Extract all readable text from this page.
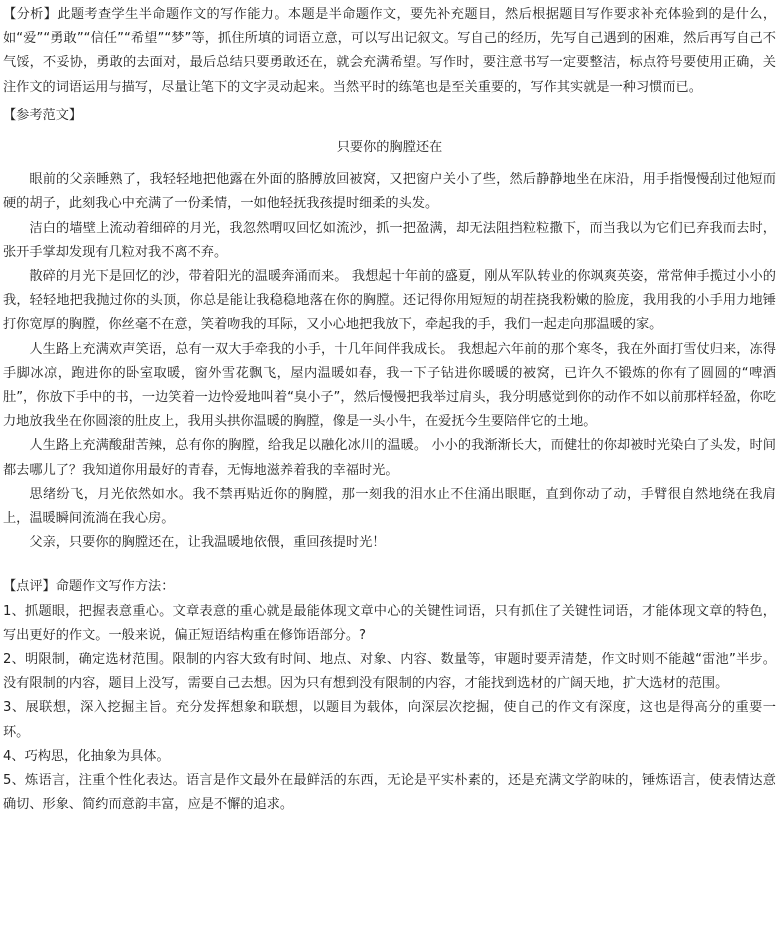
【分析】此题考查学生半命题作文的写作能力。本题是半命题作文，要先补充题目，然后根据题目写作要求补充体验到的是什么，如“爱”“勇敢”“信任”“希望”“梦”等，抓住所填的词语立意，可以写出记叙文。写自己的经历，先写自己遇到的困难，然后再写自己不气馁，不妥协，勇敢的去面对，最后总结只要勇敢还在，就会充满希望。写作时，要注意书写一定要整洁，标点符号要使用正确，关注作文的词语运用与描写，尽量让笔下的文字灵动起来。当然平时的练笔也是至关重要的，写作其实就是一种习惯而已。

【参考范文】

只要你的胸膛还在

眼前的父亲睡熟了，我轻轻地把他露在外面的胳膊放回被窝，又把窗户关小了些，然后静静地坐在床沿，用手指慢慢刮过他短而硬的胡子，此刻我心中充满了一份柔情，一如他轻抚我孩提时细柔的头发。

洁白的墙壁上流动着细碎的月光，我忽然喟叹回忆如流沙，抓一把盈满，却无法阻挡粒粒撒下，而当我以为它们已弃我而去时，张开手掌却发现有几粒对我不离不弃。

散碎的月光下是回忆的沙，带着阳光的温暖奔涌而来。 我想起十年前的盛夏，刚从军队转业的你飒爽英姿，常常伸手揽过小小的我，轻轻地把我抛过你的头顶，你总是能让我稳稳地落在你的胸膛。还记得你用短短的胡茬挠我粉嫩的脸庞，我用我的小手用力地锤打你宽厚的胸膛，你丝毫不在意，笑着吻我的耳际，又小心地把我放下，牵起我的手，我们一起走向那温暖的家。

人生路上充满欢声笑语，总有一双大手牵我的小手，十几年间伴我成长。 我想起六年前的那个寒冬，我在外面打雪仗归来，冻得手脚冰凉，跑进你的卧室取暖，窗外雪花飘飞，屋内温暖如春，我一下子钻进你暖暖的被窝，已许久不锻炼的你有了圆圆的“啤酒肚”，你放下手中的书，一边笑着一边怜爱地叫着“臭小子”，然后慢慢把我举过肩头，我分明感觉到你的动作不如以前那样轻盈，你吃力地放我坐在你圆滚的肚皮上，我用头拱你温暖的胸膛，像是一头小牛，在爱抚今生要陪伴它的土地。

人生路上充满酸甜苦辣，总有你的胸膛，给我足以融化冰川的温暖。 小小的我渐渐长大，而健壮的你却被时光染白了头发，时间都去哪儿了？我知道你用最好的青春，无悔地滋养着我的幸福时光。

思绪纷飞，月光依然如水。我不禁再贴近你的胸膛，那一刻我的泪水止不住涌出眼眶，直到你动了动，手臂很自然地绕在我肩上，温暖瞬间流淌在我心房。

父亲，只要你的胸膛还在，让我温暖地依偎，重回孩提时光！

【点评】命题作文写作方法：

1、抓题眼，把握表意重心。文章表意的重心就是最能体现文章中心的关键性词语，只有抓住了关键性词语，才能体现文章的特色，写出更好的作文。一般来说，偏正短语结构重在修饰语部分。?

2、明限制，确定选材范围。限制的内容大致有时间、地点、对象、内容、数量等，审题时要弄清楚，作文时则不能越“雷池”半步。没有限制的内容，题目上没写，需要自己去想。因为只有想到没有限制的内容，才能找到选材的广阔天地，扩大选材的范围。

3、展联想，深入挖掘主旨。充分发挥想象和联想，以题目为载体，向深层次挖掘，使自己的作文有深度，这也是得高分的重要一环。

4、巧构思，化抽象为具体。

5、炼语言，注重个性化表达。语言是作文最外在最鲜活的东西，无论是平实朴素的，还是充满文学韵味的，锤炼语言，使表情达意确切、形象、简约而意韵丰富，应是不懈的追求。
